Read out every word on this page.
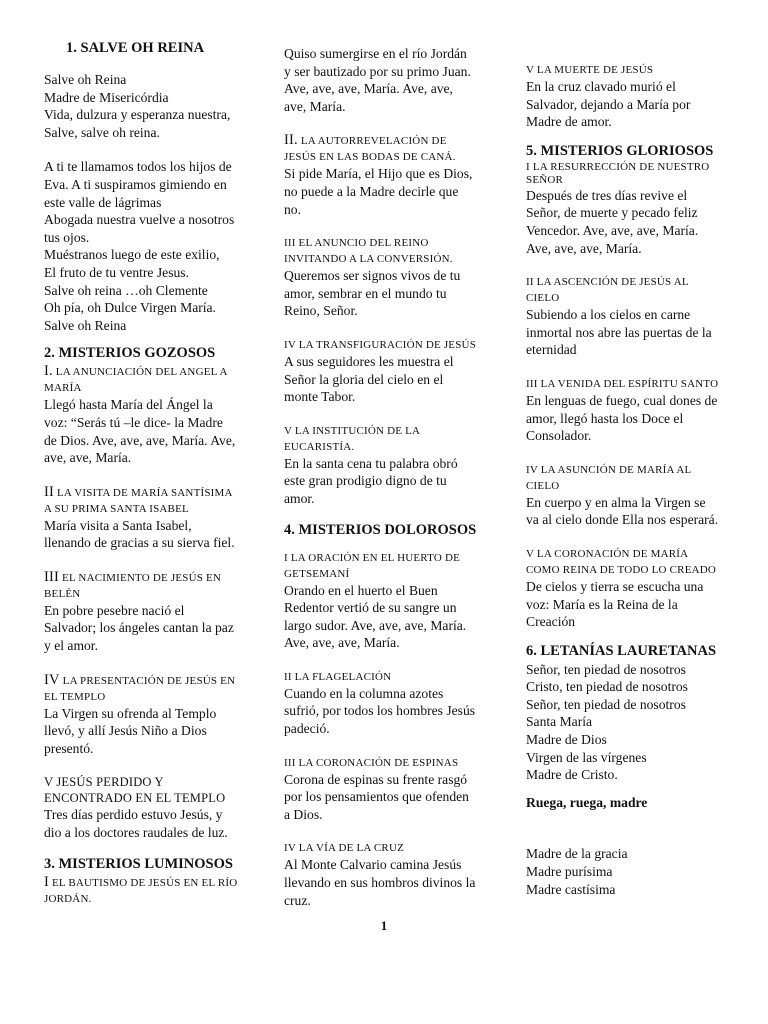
1. SALVE OH REINA

Salve oh Reina
Madre de Misericórdia
Vida, dulzura y esperanza nuestra,
Salve, salve oh reina.

A ti te llamamos todos los hijos de
Eva. A ti suspiramos gimiendo en
este valle de lágrimas
Abogada nuestra vuelve a nosotros
tus ojos.
Muéstranos luego de este exilio,
El fruto de tu ventre Jesus.
Salve oh reina …oh Clemente
Oh pía, oh Dulce Virgen María.
Salve oh Reina

2. MISTERIOS GOZOSOS

I. LA ANUNCIACIÓN DEL ANGEL A
MARÍA

Llegó hasta María del Ángel la
voz: “Serás tú –le dice- la Madre
de Dios. Ave, ave, ave, María. Ave,
ave, ave, María.

II LA VISITA DE MARÍA SANTÍSIMA
A SU PRIMA SANTA ISABEL

María visita a Santa Isabel,
llenando de gracias a su sierva fiel.

III EL NACIMIENTO DE JESÚS EN
BELÉN

En pobre pesebre nació el
Salvador; los ángeles cantan la paz
y el amor.

IV LA PRESENTACIÓN DE JESÚS EN
EL TEMPLO

La Virgen su ofrenda al Templo
llevó, y allí Jesús Niño a Dios
presentó.

V JESÚS PERDIDO Y
ENCONTRADO EN EL TEMPLO

Tres días perdido estuvo Jesús, y
dio a los doctores raudales de luz.

3. MISTERIOS LUMINOSOS

I EL BAUTISMO DE JESÚS EN EL RÍO
JORDÁN.

Quiso sumergirse en el río Jordán
y ser bautizado por su primo Juan.
Ave, ave, ave, María. Ave, ave,
ave, María.

II. LA AUTORREVELACIÓN DE
JESÚS EN LAS BODAS DE CANÁ.

Si pide María, el Hijo que es Dios,
no puede a la Madre decirle que
no.

III EL ANUNCIO DEL REINO
INVITANDO A LA CONVERSIÓN.

Queremos ser signos vivos de tu
amor, sembrar en el mundo tu
Reino, Señor.

IV LA TRANSFIGURACIÓN DE JESÚS

A sus seguidores les muestra el
Señor la gloria del cielo en el
monte Tabor.

V LA INSTITUCIÓN DE LA
EUCARISTÍA.

En la santa cena tu palabra obró
este gran prodigio digno de tu
amor.

4. MISTERIOS DOLOROSOS

I LA ORACIÓN EN EL HUERTO DE
GETSEMANÍ

Orando en el huerto el Buen
Redentor vertió de su sangre un
largo sudor. Ave, ave, ave, María.
Ave, ave, ave, María.

II LA FLAGELACIÓN

Cuando en la columna azotes
sufrió, por todos los hombres Jesús
padeció.

III LA CORONACIÓN DE ESPINAS

Corona de espinas su frente rasgó
por los pensamientos que ofenden
a Dios.

IV LA VÍA DE LA CRUZ

Al Monte Calvario camina Jesús
llevando en sus hombros divinos la
cruz.

V LA MUERTE DE JESÚS

En la cruz clavado murió el
Salvador, dejando a María por
Madre de amor.

5. MISTERIOS GLORIOSOS

I LA RESURRECCIÓN DE NUESTRO
SEÑOR

Después de tres días revive el
Señor, de muerte y pecado feliz
Vencedor. Ave, ave, ave, María.
Ave, ave, ave, María.

II LA ASCENCIÓN DE JESÚS AL
CIELO

Subiendo a los cielos en carne
inmortal nos abre las puertas de la
eternidad

III LA VENIDA DEL ESPÍRITU SANTO

En lenguas de fuego, cual dones de
amor, llegó hasta los Doce el
Consolador.

IV LA ASUNCIÓN DE MARÍA AL
CIELO

En cuerpo y en alma la Virgen se
va al cielo donde Ella nos esperará.

V LA CORONACIÓN DE MARÍA
COMO REINA DE TODO LO CREADO

De cielos y tierra se escucha una
voz: María es la Reina de la
Creación

6. LETANÍAS LAURETANAS

Señor, ten piedad de nosotros
Cristo, ten piedad de nosotros
Señor, ten piedad de nosotros
Santa María
Madre de Dios
Virgen de las vírgenes
Madre de Cristo.

Ruega, ruega, madre

Madre de la gracia
Madre purísima
Madre castísima

1
